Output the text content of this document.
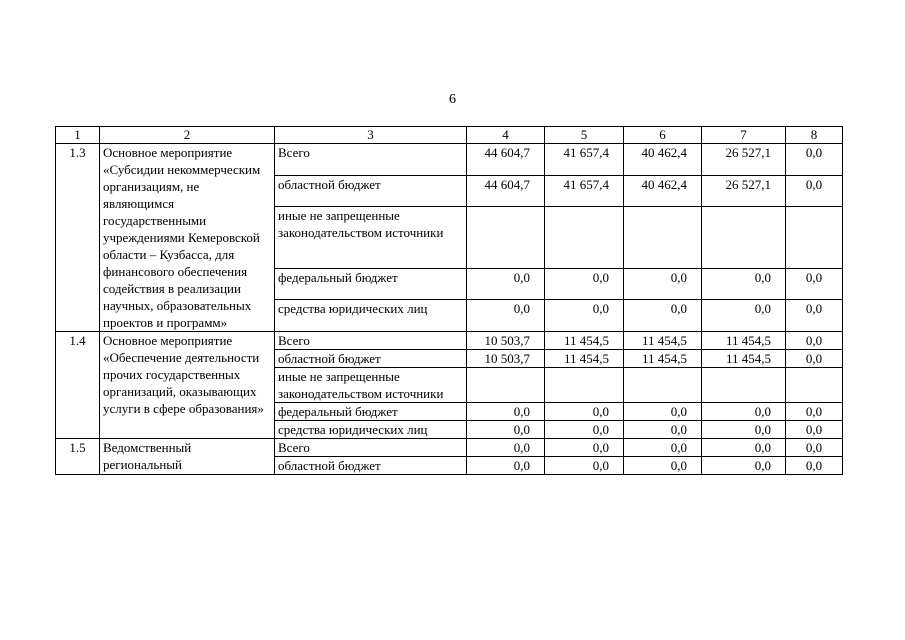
6
1	2	3	4	5	6	7	8
1.3	Основное мероприятие «Субсидии некоммерческим организациям, не являющимся государственными учреждениями Кемеровской области – Кузбасса, для финансового обеспечения содействия в реализации научных, образовательных проектов и программ»	Всего	44 604,7	41 657,4	40 462,4	26 527,1	0,0
		областной бюджет	44 604,7	41 657,4	40 462,4	26 527,1	0,0
		иные не запрещенные законодательством источники					
		федеральный бюджет	0,0	0,0	0,0	0,0	0,0
		средства юридических лиц	0,0	0,0	0,0	0,0	0,0
1.4	Основное мероприятие «Обеспечение деятельности прочих государственных организаций, оказывающих услуги в сфере образования»	Всего	10 503,7	11 454,5	11 454,5	11 454,5	0,0
		областной бюджет	10 503,7	11 454,5	11 454,5	11 454,5	0,0
		иные не запрещенные законодательством источники					
		федеральный бюджет	0,0	0,0	0,0	0,0	0,0
		средства юридических лиц	0,0	0,0	0,0	0,0	0,0
1.5	Ведомственный региональный	Всего	0,0	0,0	0,0	0,0	0,0
		областной бюджет	0,0	0,0	0,0	0,0	0,0
